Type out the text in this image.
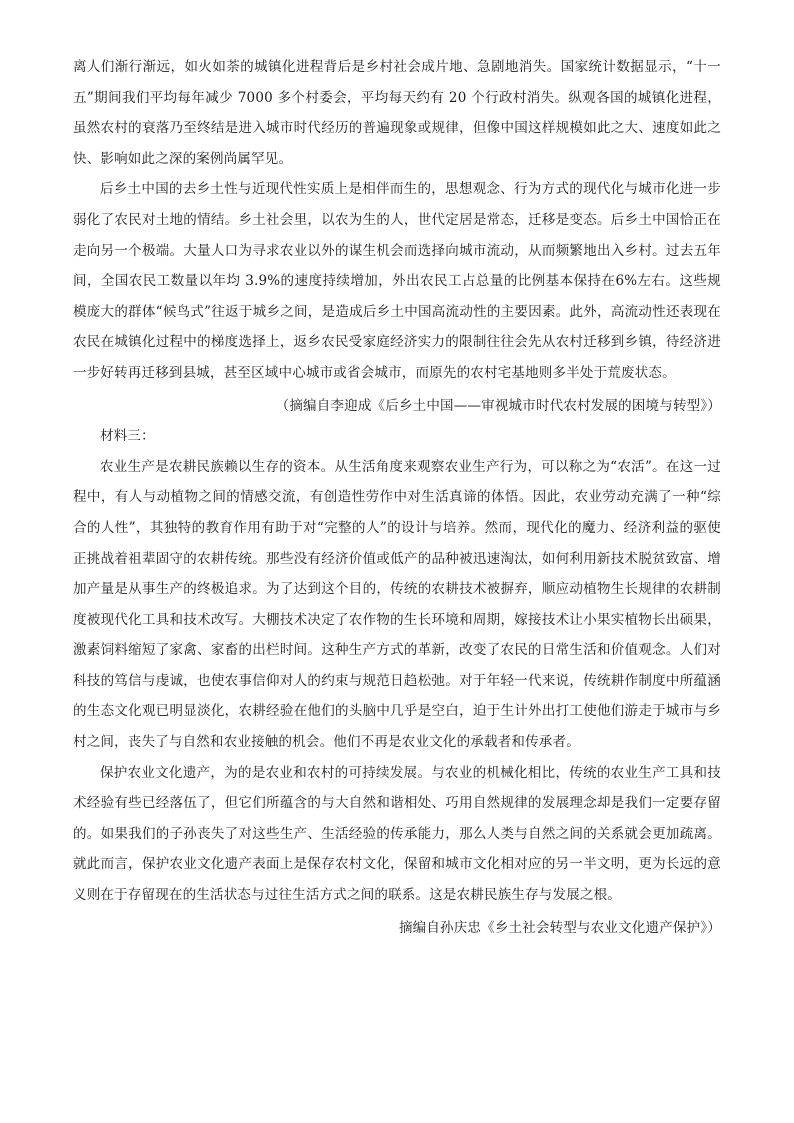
离人们渐行渐远，如火如荼的城镇化进程背后是乡村社会成片地、急剧地消失。国家统计数据显示，“十一五”期间我们平均每年减少 7000 多个村委会，平均每天约有 20 个行政村消失。纵观各国的城镇化进程，虽然农村的衰落乃至终结是进入城市时代经历的普遍现象或规律，但像中国这样规模如此之大、速度如此之快、影响如此之深的案例尚属罕见。

后乡土中国的去乡土性与近现代性实质上是相伴而生的，思想观念、行为方式的现代化与城市化进一步弱化了农民对土地的情结。乡土社会里，以农为生的人，世代定居是常态，迁移是变态。后乡土中国恰正在走向另一个极端。大量人口为寻求农业以外的谋生机会而选择向城市流动，从而频繁地出入乡村。过去五年间，全国农民工数量以年均 3.9%的速度持续增加，外出农民工占总量的比例基本保持在6%左右。这些规模庞大的群体“候鸟式”往返于城乡之间，是造成后乡土中国高流动性的主要因素。此外，高流动性还表现在农民在城镇化过程中的梯度选择上，返乡农民受家庭经济实力的限制往往会先从农村迁移到乡镇，待经济进一步好转再迁移到县城，甚至区域中心城市或省会城市，而原先的农村宅基地则多半处于荒废状态。

（摘编自李迎成《后乡土中国——审视城市时代农村发展的困境与转型》）

材料三：

农业生产是农耕民族赖以生存的资本。从生活角度来观察农业生产行为，可以称之为“农活”。在这一过程中，有人与动植物之间的情感交流，有创造性劳作中对生活真谛的体悟。因此，农业劳动充满了一种“综合的人性”，其独特的教育作用有助于对“完整的人”的设计与培养。然而，现代化的魔力、经济利益的驱使正挑战着祖辈固守的农耕传统。那些没有经济价值或低产的品种被迅速淘汰，如何利用新技术脱贫致富、增加产量是从事生产的终极追求。为了达到这个目的，传统的农耕技术被摒弃，顺应动植物生长规律的农耕制度被现代化工具和技术改写。大棚技术决定了农作物的生长环境和周期，嫁接技术让小果实植物长出硕果，激素饲料缩短了家禽、家畜的出栏时间。这种生产方式的革新，改变了农民的日常生活和价值观念。人们对科技的笃信与虔诚，也使农事信仰对人的约束与规范日趋松弛。对于年轻一代来说，传统耕作制度中所蕴涵的生态文化观已明显淡化，农耕经验在他们的头脑中几乎是空白，迫于生计外出打工使他们游走于城市与乡村之间，丧失了与自然和农业接触的机会。他们不再是农业文化的承载者和传承者。

保护农业文化遗产，为的是农业和农村的可持续发展。与农业的机械化相比，传统的农业生产工具和技术经验有些已经落伍了，但它们所蕴含的与大自然和谐相处、巧用自然规律的发展理念却是我们一定要存留的。如果我们的子孙丧失了对这些生产、生活经验的传承能力，那么人类与自然之间的关系就会更加疏离。就此而言，保护农业文化遗产表面上是保存农村文化，保留和城市文化相对应的另一半文明，更为长远的意义则在于存留现在的生活状态与过往生活方式之间的联系。这是农耕民族生存与发展之根。

摘编自孙庆忠《乡土社会转型与农业文化遗产保护》）
